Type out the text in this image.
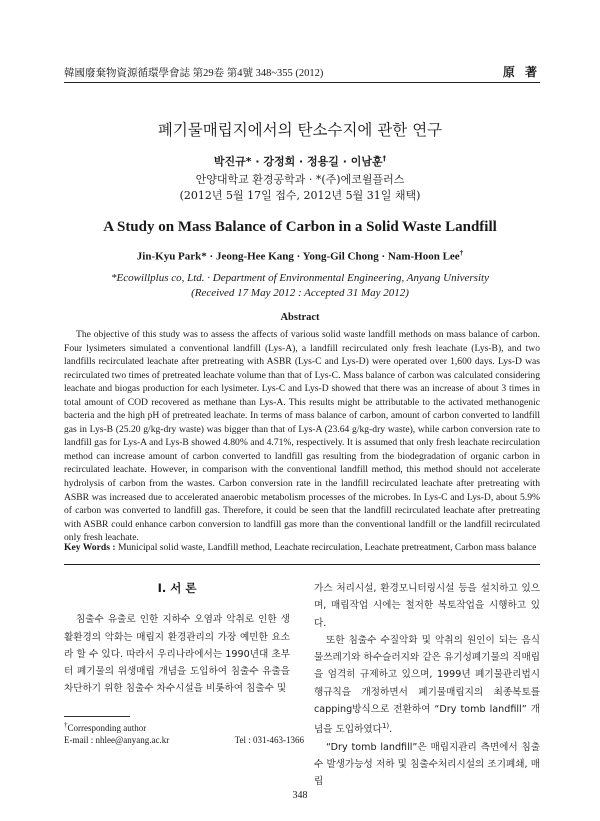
韓國廢棄物資源循環學會誌 第29卷 第4號 348~355 (2012)	原 著
폐기물매립지에서의 탄소수지에 관한 연구
박진규* · 강정희 · 정용길 · 이남훈†
안양대학교 환경공학과 · *(주)에코윌플러스
(2012년 5월 17일 접수, 2012년 5월 31일 채택)
A Study on Mass Balance of Carbon in a Solid Waste Landfill
Jin-Kyu Park* · Jeong-Hee Kang · Yong-Gil Chong · Nam-Hoon Lee†
*Ecowillplus co, Ltd. · Department of Environmental Engineering, Anyang University
(Received 17 May 2012 : Accepted 31 May 2012)
Abstract

The objective of this study was to assess the affects of various solid waste landfill methods on mass balance of carbon. Four lysimeters simulated a conventional landfill (Lys-A), a landfill recirculated only fresh leachate (Lys-B), and two landfills recirculated leachate after pretreating with ASBR (Lys-C and Lys-D) were operated over 1,600 days. Lys-D was recirculated two times of pretreated leachate volume than that of Lys-C. Mass balance of carbon was calculated considering leachate and biogas production for each lysimeter. Lys-C and Lys-D showed that there was an increase of about 3 times in total amount of COD recovered as methane than Lys-A. This results might be attributable to the activated methanogenic bacteria and the high pH of pretreated leachate. In terms of mass balance of carbon, amount of carbon converted to landfill gas in Lys-B (25.20 g/kg-dry waste) was bigger than that of Lys-A (23.64 g/kg-dry waste), while carbon conversion rate to landfill gas for Lys-A and Lys-B showed 4.80% and 4.71%, respectively. It is assumed that only fresh leachate recirculation method can increase amount of carbon converted to landfill gas resulting from the biodegradation of organic carbon in recirculated leachate. However, in comparison with the conventional landfill method, this method should not accelerate hydrolysis of carbon from the wastes. Carbon conversion rate in the landfill recirculated leachate after pretreating with ASBR was increased due to accelerated anaerobic metabolism processes of the microbes. In Lys-C and Lys-D, about 5.9% of carbon was converted to landfill gas. Therefore, it could be seen that the landfill recirculated leachate after pretreating with ASBR could enhance carbon conversion to landfill gas more than the conventional landfill or the landfill recirculated only fresh leachate.

Key Words : Municipal solid waste, Landfill method, Leachate recirculation, Leachate pretreatment, Carbon mass balance

I. 서 론

침출수 유출로 인한 지하수 오염과 악취로 인한 생활환경의 악화는 매립지 환경관리의 가장 예민한 요소라 할 수 있다. 따라서 우리나라에서는 1990년대 초부터 폐기물의 위생매립 개념을 도입하여 침출수 유출을 차단하기 위한 침출수 차수시설을 비롯하여 침출수 및

가스 처리시설, 환경모니터링시설 등을 설치하고 있으며, 매립작업 시에는 철저한 복토작업을 시행하고 있다.

또한 침출수 수질악화 및 악취의 원인이 되는 음식물쓰레기와 하수슬러지와 같은 유기성폐기물의 직매립을 엄격히 규제하고 있으며, 1999년 폐기물관리법시행규칙을 개정하면서 폐기물매립지의 최종복토를 capping방식으로 전환하여 “Dry tomb landfill” 개념을 도입하였다$^{1)}$.

“Dry tomb landfill”은 매립지관리 측면에서 침출수 발생가능성 저하 및 침출수처리시설의 조기폐쇄, 매립

†Corresponding author
E-mail : nhlee@anyang.ac.kr	Tel : 031-463-1366
348
